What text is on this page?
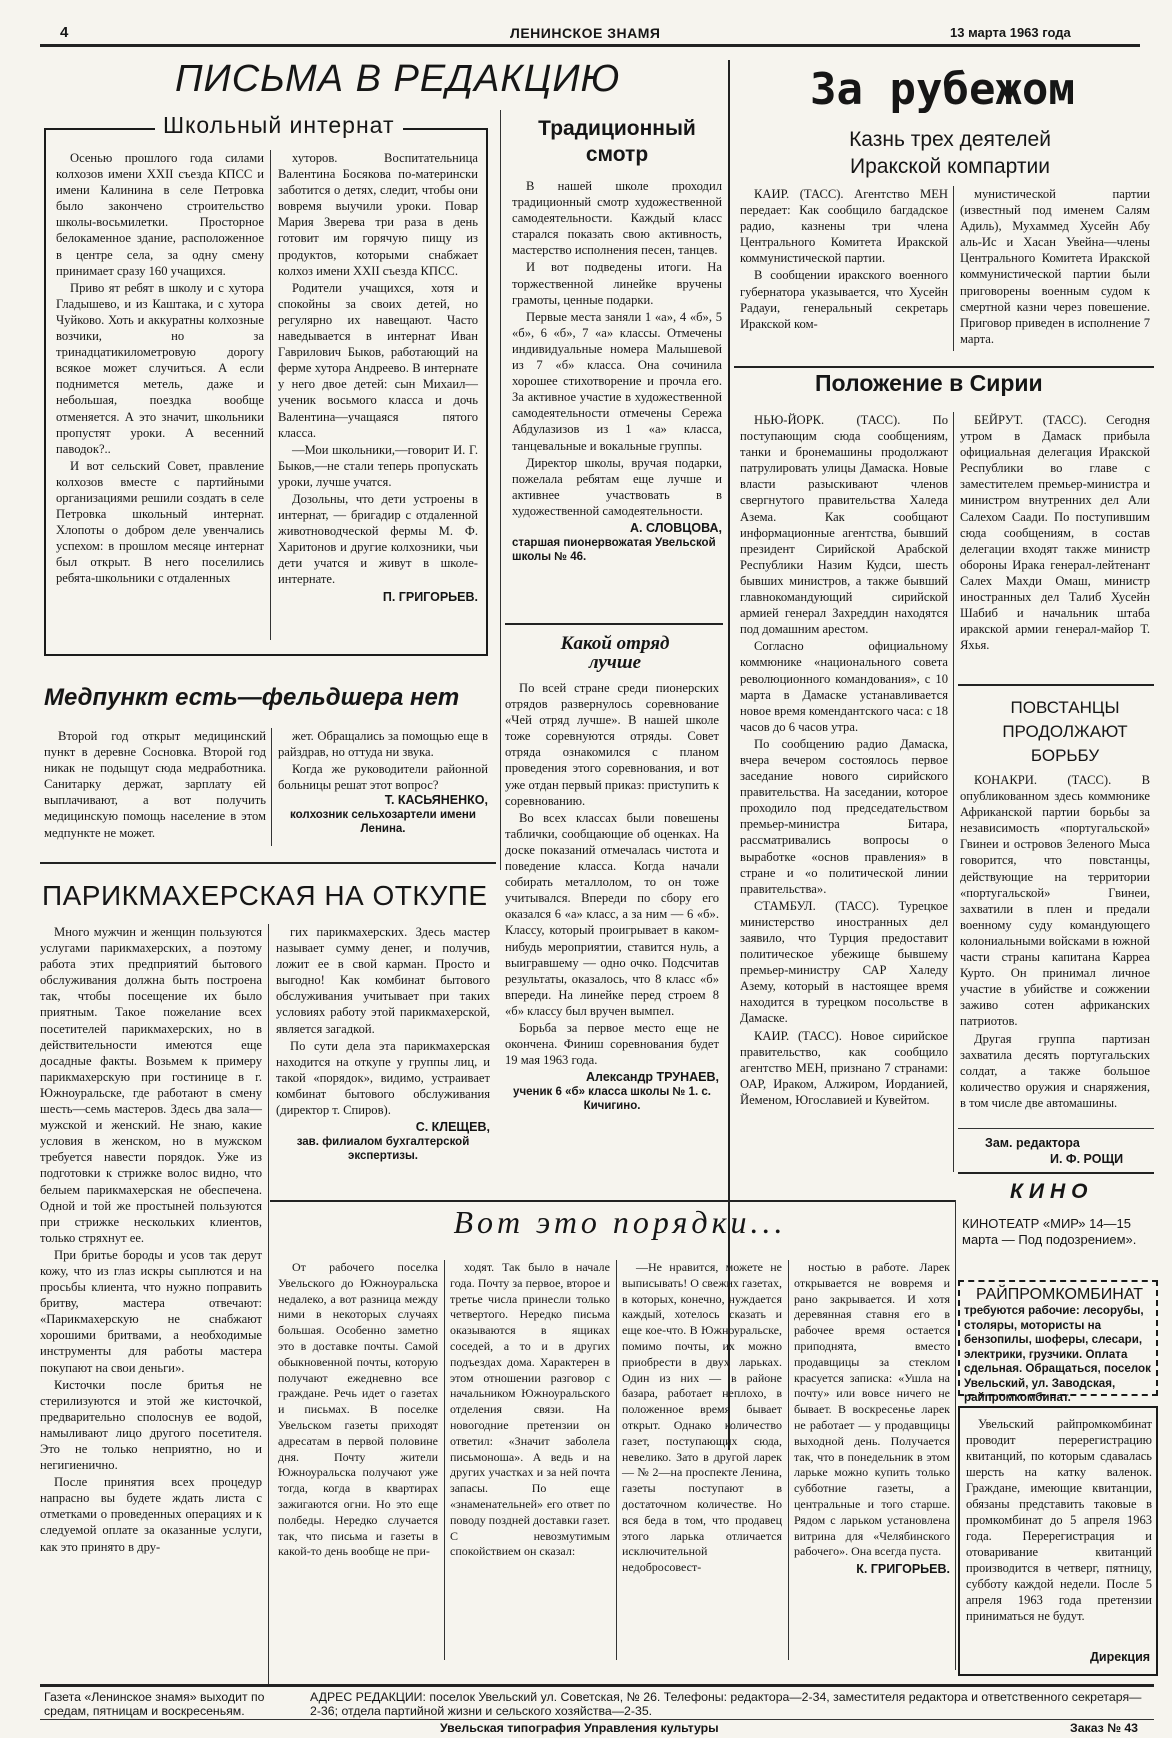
4	ЛЕНИНСКОЕ ЗНАМЯ	13 марта 1963 года
ПИСЬМА В РЕДАКЦИЮ
Школьный интернат

Осенью прошлого года силами колхозов имени XXII съезда КПСС и имени Калинина в селе Петровка было закончено строительство школы-восьмилетки. Просторное белокаменное здание, расположенное в центре села, за одну смену принимает сразу 160 учащихся.

Приво ят ребят в школу и с хутора Гладышево, и из Каштака, и с хутора Чуйково. Хоть и аккуратны колхозные возчики, но за тринадцатикилометровую дорогу всякое может случиться. А если поднимется метель, даже и небольшая, поездка вообще отменяется. А это значит, школьники пропустят уроки. А весенний паводок?..

И вот сельский Совет, правление колхозов вместе с партийными организациями решили создать в селе Петровка школьный интернат. Хлопоты о добром деле увенчались успехом: в прошлом месяце интернат был открыт. В него поселились ребята-школьники с отдаленных

хуторов. Воспитательница Валентина Босякова по-матерински заботится о детях, следит, чтобы они вовремя выучили уроки. Повар Мария Зверева три раза в день готовит им горячую пищу из продуктов, которыми снабжает колхоз имени XXII съезда КПСС.

Родители учащихся, хотя и спокойны за своих детей, но регулярно их навещают. Часто наведывается в интернат Иван Гаврилович Быков, работающий на ферме хутора Андреево. В интернате у него двое детей: сын Михаил—ученик восьмого класса и дочь Валентина—учащаяся пятого класса.

—Мои школьники,—говорит И. Г. Быков,—не стали теперь пропускать уроки, лучше учатся.

Дозольны, что дети устроены в интернат, — бригадир с отдаленной животноводческой фермы М. Ф. Харитонов и другие колхозники, чьи дети учатся и живут в школе-интернате.

П. ГРИГОРЬЕВ.
Традиционный смотр

В нашей школе проходил традиционный смотр художественной самодеятельности. Каждый класс старался показать свою активность, мастерство исполнения песен, танцев.

И вот подведены итоги. На торжественной линейке вручены грамоты, ценные подарки.

Первые места заняли 1 «а», 4 «б», 5 «б», 6 «б», 7 «а» классы. Отмечены индивидуальные номера Малышевой из 7 «б» класса. Она сочинила хорошее стихотворение и прочла его. За активное участие в художественной самодеятельности отмечены Сережа Абдулазизов из 1 «а» класса, танцевальные и вокальные группы.

Директор школы, вручая подарки, пожелала ребятам еще лучше и активнее участвовать в художественной самодеятельности.

А. СЛОВЦОВА,
старшая пионервожатая Увельской школы № 46.
Какой отряд лучше

По всей стране среди пионерских отрядов развернулось соревнование «Чей отряд лучше». В нашей школе тоже соревнуются отряды. Совет отряда ознакомился с планом проведения этого соревнования, и вот уже отдан первый приказ: приступить к соревнованию.

Во всех классах были повешены таблички, сообщающие об оценках. На доске показаний отмечалась чистота и поведение класса. Когда начали собирать металлолом, то он тоже учитывался. Впереди по сбору его оказался 6 «а» класс, а за ним — 6 «б». Классу, который проигрывает в каком-нибудь мероприятии, ставится нуль, а выигравшему — одно очко. Подсчитав результаты, оказалось, что 8 класс «б» впереди. На линейке перед строем 8 «б» классу был вручен вымпел.

Борьба за первое место еще не окончена. Финиш соревнования будет 19 мая 1963 года.

Александр ТРУНАЕВ,
ученик 6 «б» класса школы № 1. с. Кичигино.
Медпункт есть—фельдшера нет

Второй год открыт медицинский пункт в деревне Сосновка. Второй год никак не подыщут сюда медработника. Санитарку держат, зарплату ей выплачивают, а вот получить медицинскую помощь население в этом медпункте не может.

жет. Обращались за помощью еще в райздрав, но оттуда ни звука.

Когда же руководители районной больницы решат этот вопрос?

Т. КАСЬЯНЕНКО,
колхозник сельхозартели имени Ленина.
ПАРИКМАХЕРСКАЯ НА ОТКУПЕ

Много мужчин и женщин пользуются услугами парикмахерских, а поэтому работа этих предприятий бытового обслуживания должна быть построена так, чтобы посещение их было приятным. Такое пожелание всех посетителей парикмахерских, но в действительности имеются еще досадные факты. Возьмем к примеру парикмахерскую при гостинице в г. Южноуральске, где работают в смену шесть—семь мастеров. Здесь два зала—мужской и женский. Не знаю, какие условия в женском, но в мужском требуется навести порядок. Уже из подготовки к стрижке волос видно, что белыем парикмахерская не обеспечена. Одной и той же простыней пользуются при стрижке нескольких клиентов, только стряхнут ее.

При бритье бороды и усов так дерут кожу, что из глаз искры сыплются и на просьбы клиента, что нужно поправить бритву, мастера отвечают: «Парикмахерскую не снабжают хорошими бритвами, а необходимые инструменты для работы мастера покупают на свои деньги».

Кисточки после бритья не стерилизуются и этой же кисточкой, предварительно сполоснув ее водой, намыливают лицо другого посетителя. Это не только неприятно, но и негигиенично.

После принятия всех процедур напрасно вы будете ждать листа с отметками о проведенных операциях и к следуемой оплате за оказанные услуги, как это принято в дру-

гих парикмахерских. Здесь мастер называет сумму денег, и получив, ложит ее в свой карман. Просто и выгодно! Как комбинат бытового обслуживания учитывает при таких условиях работу этой парикмахерской, является загадкой.

По сути дела эта парикмахерская находится на откупе у группы лиц, и такой «порядок», видимо, устраивает комбинат бытового обслуживания (директор т. Спиров).

С. КЛЕЩЕВ,
зав. филиалом бухгалтерской экспертизы.
Вот это порядки...

От рабочего поселка Увельского до Южноуральска недалеко, а вот разница между ними в некоторых случаях большая. Особенно заметно это в доставке почты. Самой обыкновенной почты, которую получают ежедневно все граждане. Речь идет о газетах и письмах. В поселке Увельском газеты приходят адресатам в первой половине дня. Почту жители Южноуральска получают уже тогда, когда в квартирах зажигаются огни. Но это еще полбеды. Нередко случается так, что письма и газеты в какой-то день вообще не при-

ходят. Так было в начале года. Почту за первое, второе и третье числа принесли только четвертого. Нередко письма оказываются в ящиках соседей, а то и в других подъездах дома. Характерен в этом отношении разговор с начальником Южноуральского отделения связи. На новогодние претензии он ответил: «Значит заболела письмоноша». А ведь и на других участках и за ней почта запасы. По еще «знаменательней» его ответ по поводу поздней доставки газет. С невозмутимым спокойствием он сказал:

—Не нравится, можете не выписывать! О свежих газетах, в которых, конечно, нуждается каждый, хотелось сказать и еще кое-что. В Южноуральске, помимо почты, их можно приобрести в двух ларьках. Один из них — в районе базара, работает неплохо, в положенное время бывает открыт. Однако количество газет, поступающих сюда, невелико. Зато в другой ларек — № 2—на проспекте Ленина, газеты поступают в достаточном количестве. Но вся беда в том, что продавец этого ларька отличается исключительной недобросовест-

ностью в работе. Ларек открывается не вовремя и рано закрывается. И хотя деревянная ставня его в рабочее время остается приподнята, вместо продавщицы за стеклом красуется записка: «Ушла на почту» или вовсе ничего не бывает. В воскресенье ларек не работает — у продавщицы выходной день. Получается так, что в понедельник в этом ларьке можно купить только субботние газеты, а центральные и того старше. Рядом с ларьком установлена витрина для «Челябинского рабочего». Она всегда пуста.

К. ГРИГОРЬЕВ.
За рубежом
Казнь трех деятелей Иракской компартии

КАИР. (ТАСС). Агентство МЕН передает: Как сообщило багдадское радио, казнены три члена Центрального Комитета Иракской коммунистической партии.

В сообщении иракского военного губернатора указывается, что Хусейн Радауи, генеральный секретарь Иракской ком-

мунистической партии (известный под именем Салям Адиль), Мухаммед Хусейн Абу аль-Ис и Хасан Увейна—члены Центрального Комитета Иракской коммунистической партии были приговорены военным судом к смертной казни через повешение. Приговор приведен в исполнение 7 марта.

Положение в Сирии

НЬЮ-ЙОРК. (ТАСС). По поступающим сюда сообщениям, танки и бронемашины продолжают патрулировать улицы Дамаска. Новые власти разыскивают членов свергнутого правительства Халеда Азема. Как сообщают информационные агентства, бывший президент Сирийской Арабской Республики Назим Кудси, шесть бывших министров, а также бывший главнокомандующий сирийской армией генерал Захреддин находятся под домашним арестом.

Согласно официальному коммюнике «национального совета революционного командования», с 10 марта в Дамаске устанавливается новое время комендантского часа: с 18 часов до 6 часов утра.

По сообщению радио Дамаска, вчера вечером состоялось первое заседание нового сирийского правительства. На заседании, которое проходило под председательством премьер-министра Битара, рассматривались вопросы о выработке «основ правления» в стране и «о политической линии правительства».

СТАМБУЛ. (ТАСС). Турецкое министерство иностранных дел заявило, что Турция предоставит политическое убежище бывшему премьер-министру САР Халеду Азему, который в настоящее время находится в турецком посольстве в Дамаске.

КАИР. (ТАСС). Новое сирийское правительство, как сообщило агентство МЕН, признано 7 странами: ОАР, Ираком, Алжиром, Иорданией, Йеменом, Югославией и Кувейтом.

БЕЙРУТ. (ТАСС). Сегодня утром в Дамаск прибыла официальная делегация Иракской Республики во главе с заместителем премьер-министра и министром внутренних дел Али Салехом Саади. По поступившим сюда сообщениям, в состав делегации входят также министр обороны Ирака генерал-лейтенант Салех Махди Омаш, министр иностранных дел Талиб Хусейн Шабиб и начальник штаба иракской армии генерал-майор Т. Яхья.

ПОВСТАНЦЫ ПРОДОЛЖАЮТ БОРЬБУ

КОНАКРИ. (ТАСС). В опубликованном здесь коммюнике Африканской партии борьбы за независимость «португальской» Гвинеи и островов Зеленого Мыса говорится, что повстанцы, действующие на территории «португальской» Гвинеи, захватили в плен и предали военному суду командующего колониальными войсками в южной части страны капитана Карреа Курто. Он принимал личное участие в убийстве и сожжении заживо сотен африканских патриотов.

Другая группа партизан захватила десять португальских солдат, а также большое количество оружия и снаряжения, в том числе две автомашины.

Зам. редактора
И. Ф. РОЩИ
КИНО
КИНОТЕАТР «МИР» 14—15 марта — Под подозрением».
РАЙПРОМКОМБИНАТ
требуются рабочие: лесорубы, столяры, мотористы на бензопилы, шоферы, слесари, электрики, грузчики. Оплата сдельная. Обращаться, поселок Увельский, ул. Заводская, райпромкомбинат.
Увельский райпромкомбинат проводит перерегистрацию квитанций, по которым сдавалась шерсть на катку валенок. Граждане, имеющие квитанции, обязаны представить таковые в промкомбинат до 5 апреля 1963 года. Перерегистрация и отоваривание квитанций производится в четверг, пятницу, субботу каждой недели. После 5 апреля 1963 года претензии приниматься не будут.
Дирекция
Газета «Ленинское знамя» выходит по средам, пятницам и воскресеньям.
АДРЕС РЕДАКЦИИ: поселок Увельский ул. Советская, № 26. Телефоны: редактора—2-34, заместителя редактора и ответственного секретаря—2-36; отдела партийной жизни и сельского хозяйства—2-35.
Увельская типография Управления культуры	Заказ № 43
